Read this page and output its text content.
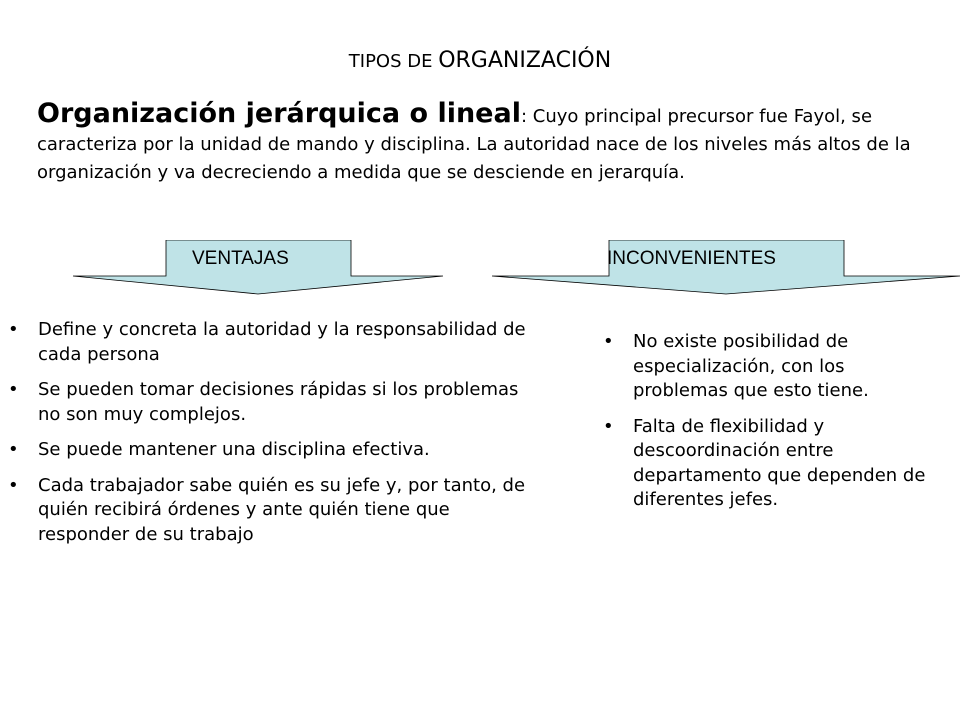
TIPOS DE ORGANIZACIÓN

Organización jerárquica o lineal: Cuyo principal precursor fue Fayol, se caracteriza por la unidad de mando y disciplina. La autoridad nace de los niveles más altos de la organización y va decreciendo a medida que se desciende en jerarquía.

VENTAJAS	INCONVENIENTES
• Define y concreta la autoridad y la responsabilidad de cada persona
• Se pueden tomar decisiones rápidas si los problemas no son muy complejos.
• Se puede mantener una disciplina efectiva.
• Cada trabajador sabe quién es su jefe y, por tanto, de quién recibirá órdenes y ante quién tiene que responder de su trabajo
• No existe posibilidad de especialización, con los problemas que esto tiene.
• Falta de flexibilidad y descoordinación entre departamento que dependen de diferentes jefes.
